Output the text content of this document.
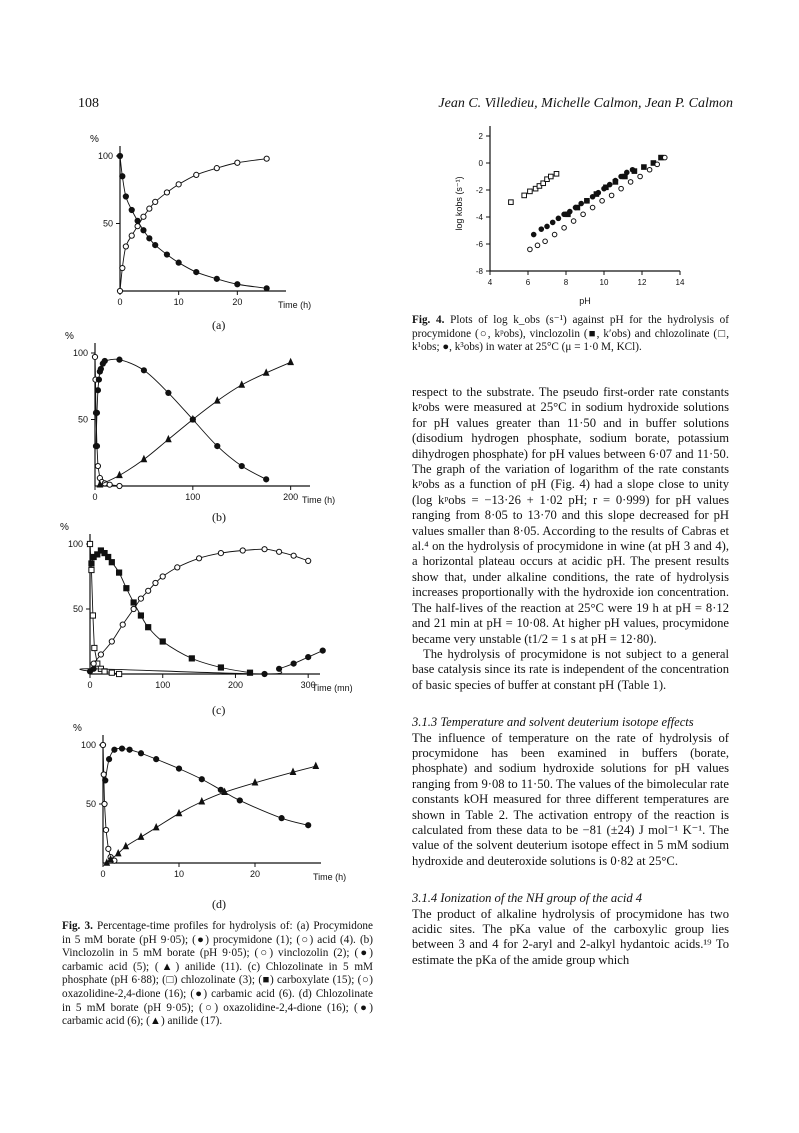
108	Jean C. Villedieu, Michelle Calmon, Jean P. Calmon
0	10	20
50
100
Time (h)
%
(a)
0	100	200
50
100
Time (h)
%
(b)
0	100	200	300
50
100
Time (mn)
%
(c)
0	10	20
50
100
Time (h)
%
(d)
Fig. 3. Percentage-time profiles for hydrolysis of: (a) Procymidone in 5 mM borate (pH 9·05); (●) procymidone (1); (○) acid (4). (b) Vinclozolin in 5 mM borate (pH 9·05); (○) vinclozolin (2); (●) carbamic acid (5); (▲) anilide (11). (c) Chlozolinate in 5 mM phosphate (pH 6·88); (□) chlozolinate (3); (■) carboxylate (15); (○) oxazolidine-2,4-dione (16); (●) carbamic acid (6). (d) Chlozolinate in 5 mM borate (pH 9·05); (○) oxazolidine-2,4-dione (16); (●) carbamic acid (6); (▲) anilide (17).
4	6	8	10	12	14
-8
-6
-4
-2
0
2
pH
log kobs (s⁻¹)
Fig. 4. Plots of log k_obs (s⁻¹) against pH for the hydrolysis of procymidone (○, kᵖobs), vinclozolin (■, k′obs) and chlozolinate (□, k¹obs; ●, k³obs) in water at 25°C (μ = 1·0 M, KCl).

respect to the substrate. The pseudo first-order rate constants kᵖobs were measured at 25°C in sodium hydroxide solutions for pH values greater than 11·50 and in buffer solutions (disodium hydrogen phosphate, sodium borate, potassium dihydrogen phosphate) for pH values between 6·07 and 11·50. The graph of the variation of logarithm of the rate constants kᵖobs as a function of pH (Fig. 4) had a slope close to unity (log kᵖobs = −13·26 + 1·02 pH; r = 0·999) for pH values ranging from 8·05 to 13·70 and this slope decreased for pH values smaller than 8·05. According to the results of Cabras et al.⁴ on the hydrolysis of procymidone in wine (at pH 3 and 4), a horizontal plateau occurs at acidic pH. The present results show that, under alkaline conditions, the rate of hydrolysis increases proportionally with the hydroxide ion concentration. The half-lives of the reaction at 25°C were 19 h at pH = 8·12 and 21 min at pH = 10·08. At higher pH values, procymidone became very unstable (t1/2 = 1 s at pH = 12·80).

The hydrolysis of procymidone is not subject to a general base catalysis since its rate is independent of the concentration of basic species of buffer at constant pH (Table 1).

3.1.3 Temperature and solvent deuterium isotope effects

The influence of temperature on the rate of hydrolysis of procymidone has been examined in buffers (borate, phosphate) and sodium hydroxide solutions for pH values ranging from 9·08 to 11·50. The values of the bimolecular rate constants kOH measured for three different temperatures are shown in Table 2. The activation entropy of the reaction is calculated from these data to be −81 (±24) J mol⁻¹ K⁻¹. The value of the solvent deuterium isotope effect in 5 mM sodium hydroxide and deuteroxide solutions is 0·82 at 25°C.

3.1.4 Ionization of the NH group of the acid 4

The product of alkaline hydrolysis of procymidone has two acidic sites. The pKa value of the carboxylic group lies between 3 and 4 for 2-aryl and 2-alkyl hydantoic acids.¹⁹ To estimate the pKa of the amide group which
